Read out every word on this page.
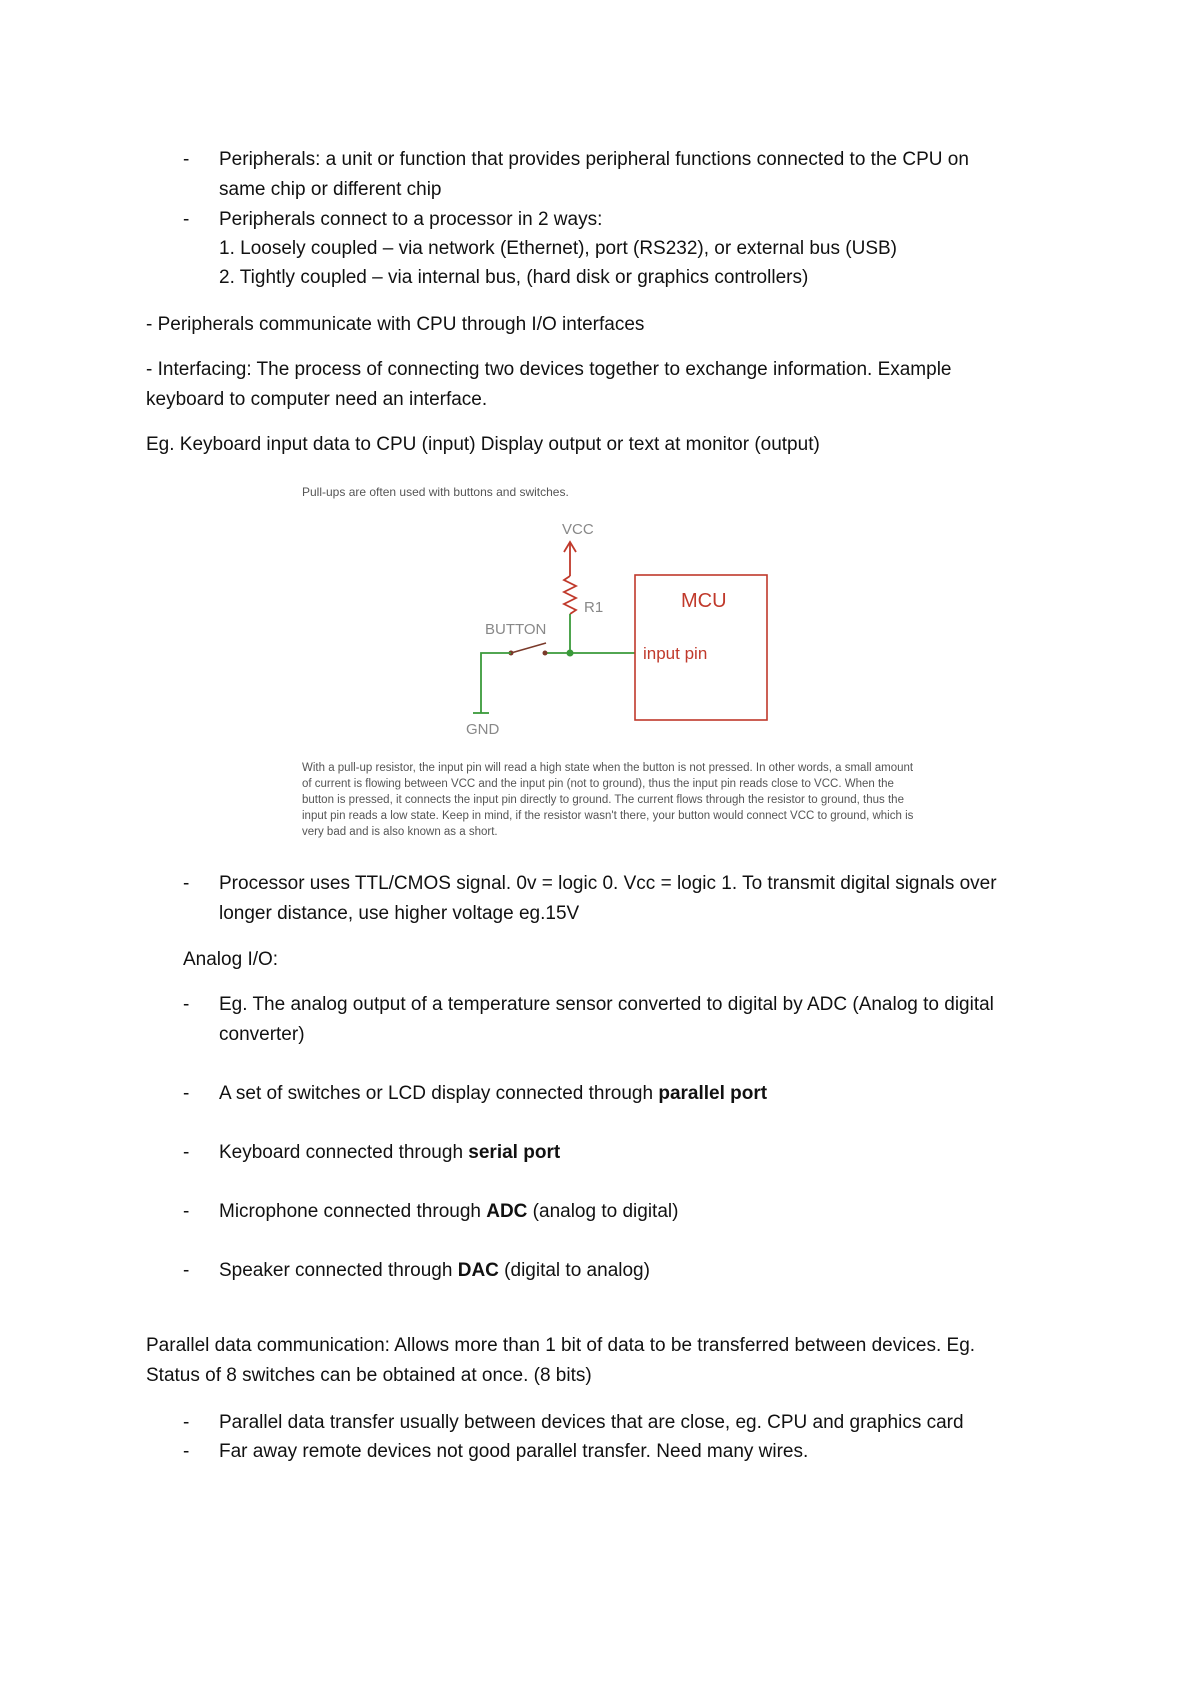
- Peripherals: a unit or function that provides peripheral functions connected to the CPU on
same chip or different chip
- Peripherals connect to a processor in 2 ways:
1. Loosely coupled – via network (Ethernet), port (RS232), or external bus (USB)
2. Tightly coupled – via internal bus, (hard disk or graphics controllers)
- Peripherals communicate with CPU through I/O interfaces
- Interfacing: The process of connecting two devices together to exchange information. Example
keyboard to computer need an interface.
Eg. Keyboard input data to CPU (input) Display output or text at monitor (output)
Pull-ups are often used with buttons and switches.
VCC
R1
BUTTON
GND
MCU
input pin
With a pull-up resistor, the input pin will read a high state when the button is not pressed. In other words, a small amount
of current is flowing between VCC and the input pin (not to ground), thus the input pin reads close to VCC. When the
button is pressed, it connects the input pin directly to ground. The current flows through the resistor to ground, thus the
input pin reads a low state. Keep in mind, if the resistor wasn't there, your button would connect VCC to ground, which is
very bad and is also known as a short.
- Processor uses TTL/CMOS signal. 0v = logic 0. Vcc = logic 1. To transmit digital signals over
longer distance, use higher voltage eg.15V
Analog I/O:
- Eg. The analog output of a temperature sensor converted to digital by ADC (Analog to digital
converter)
- A set of switches or LCD display connected through parallel port
- Keyboard connected through serial port
- Microphone connected through ADC (analog to digital)
- Speaker connected through DAC (digital to analog)
Parallel data communication: Allows more than 1 bit of data to be transferred between devices. Eg.
Status of 8 switches can be obtained at once. (8 bits)
- Parallel data transfer usually between devices that are close, eg. CPU and graphics card
- Far away remote devices not good parallel transfer. Need many wires.
